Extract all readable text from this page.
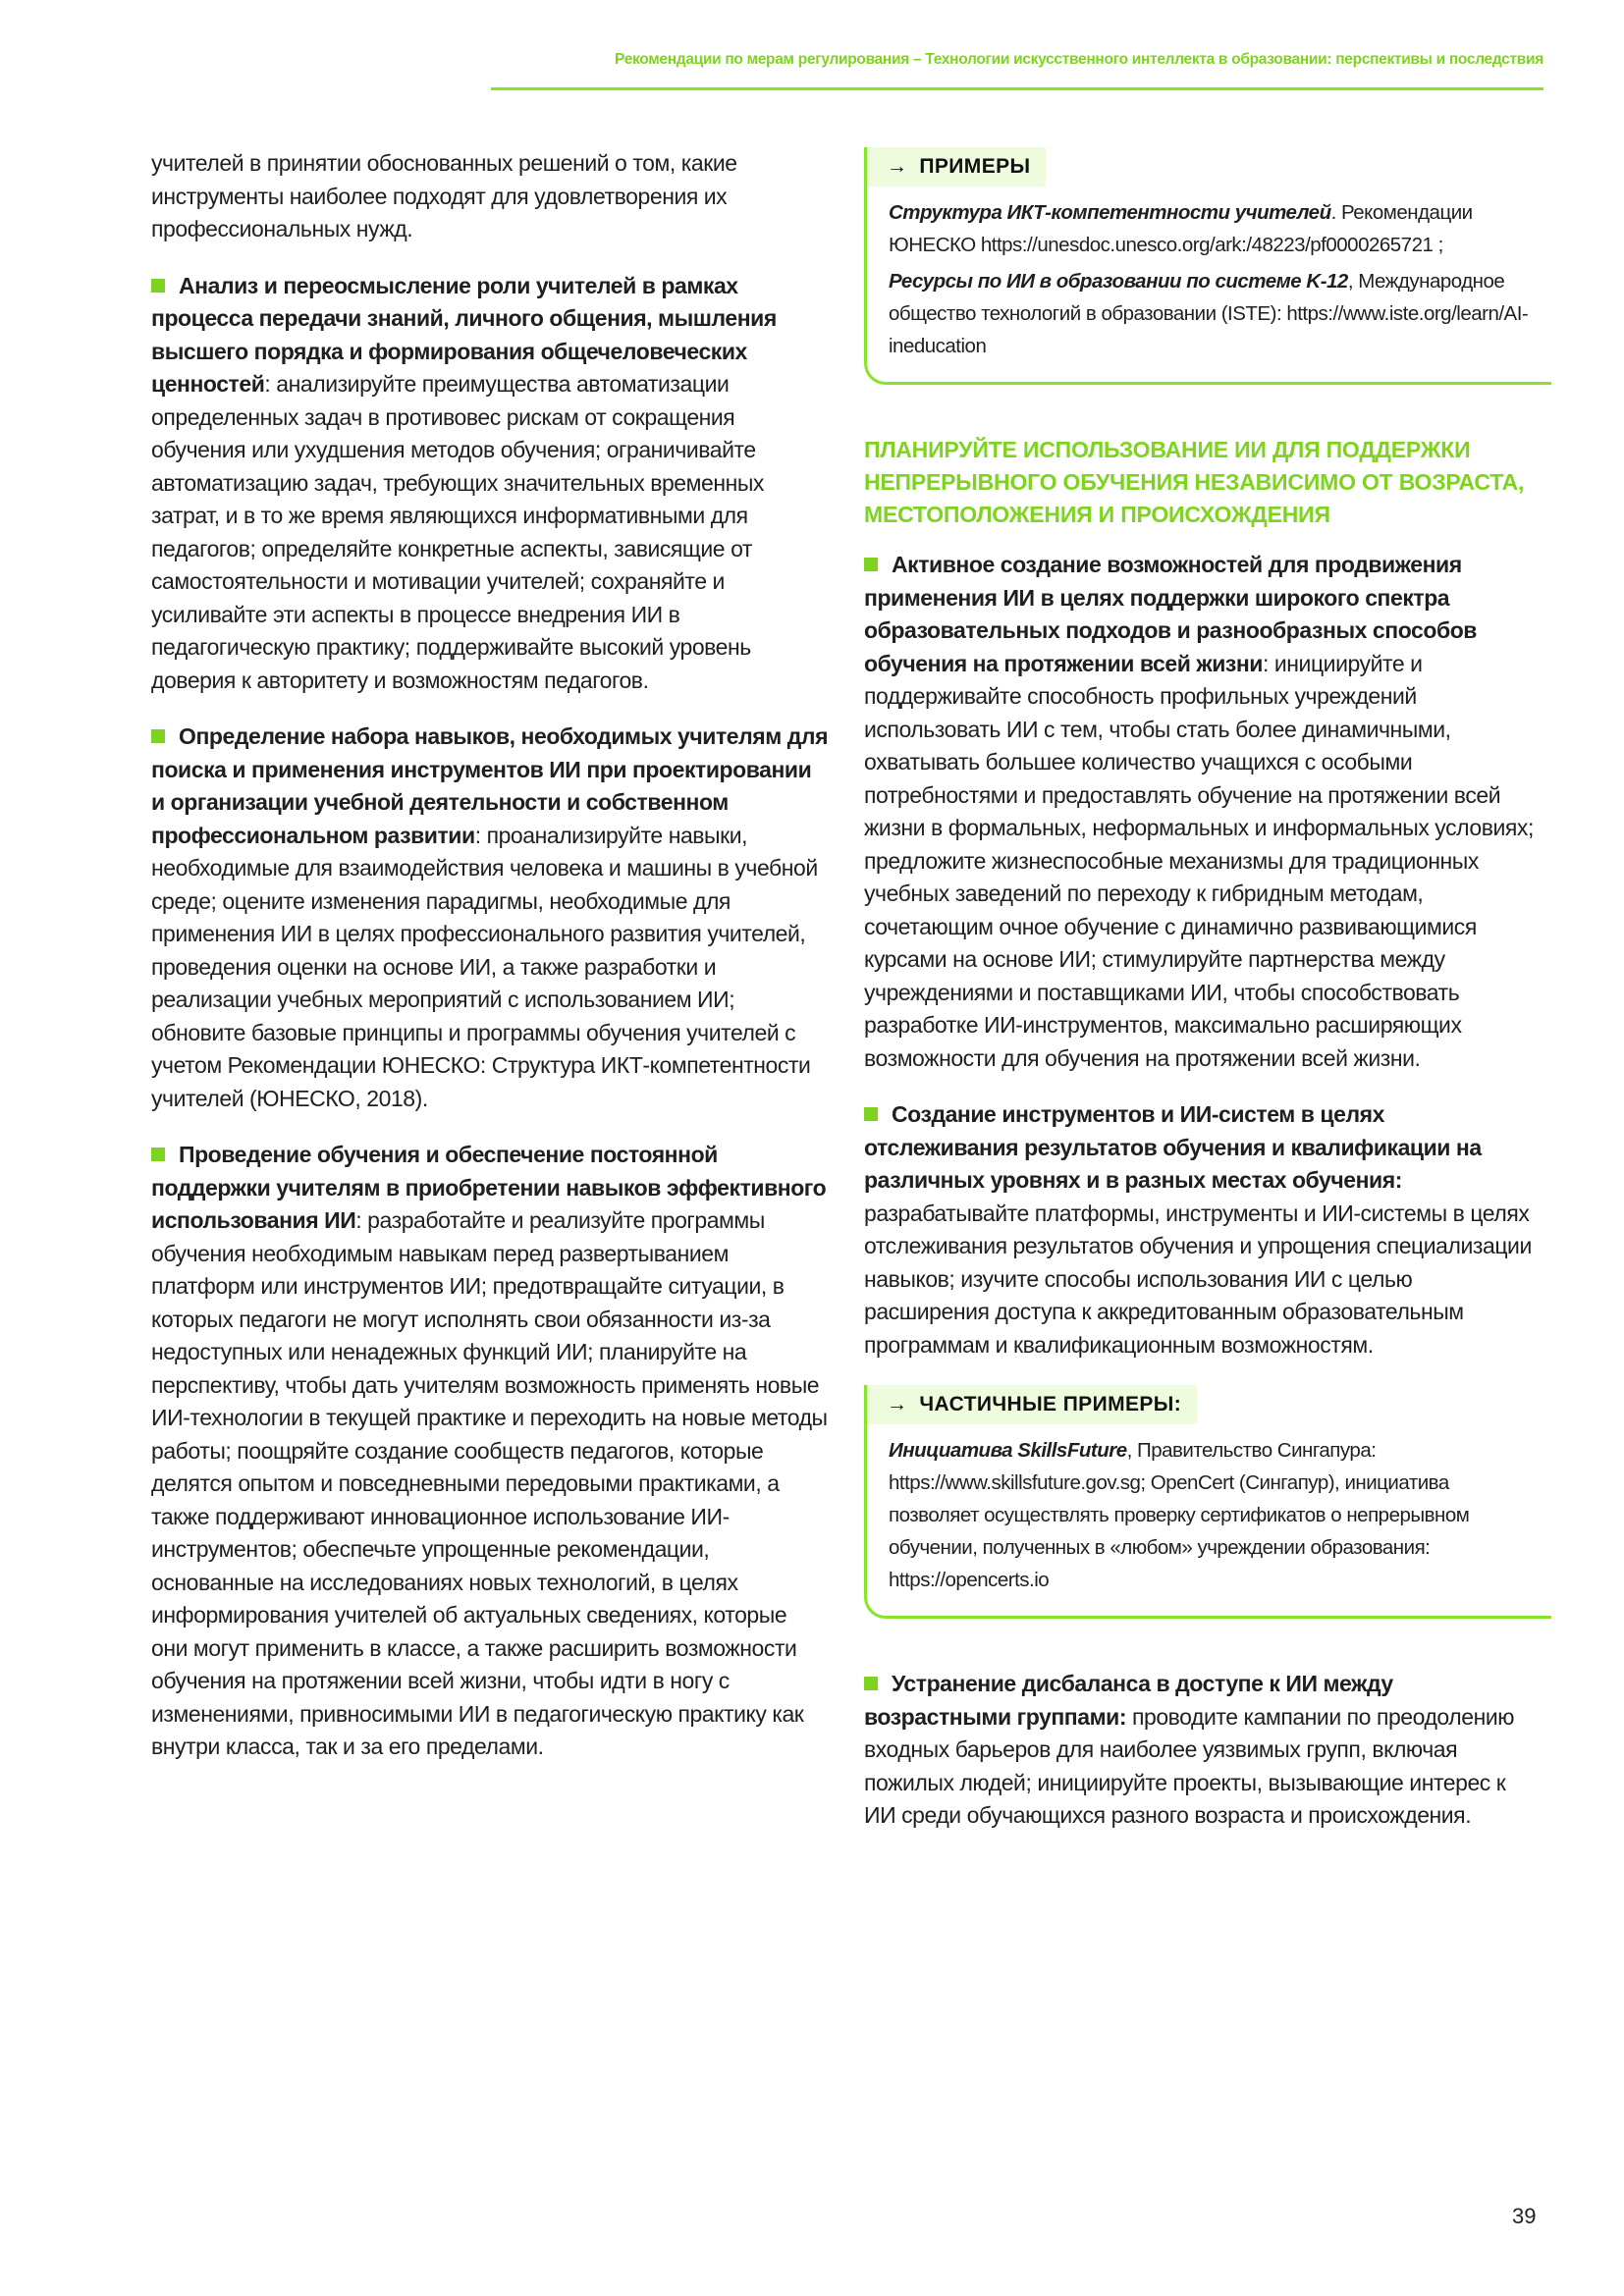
Рекомендации по мерам регулирования – Технологии искусственного интеллекта в образовании: перспективы и последствия

учителей в принятии обоснованных решений о том, какие инструменты наиболее подходят для удовлетворения их профессиональных нужд.

Анализ и переосмысление роли учителей в рамках процесса передачи знаний, личного общения, мышления высшего порядка и формирования общечеловеческих ценностей: анализируйте преимущества автоматизации определенных задач в противовес рискам от сокращения обучения или ухудшения методов обучения; ограничивайте автоматизацию задач, требующих значительных временных затрат, и в то же время являющихся информативными для педагогов; определяйте конкретные аспекты, зависящие от самостоятельности и мотивации учителей; сохраняйте и усиливайте эти аспекты в процессе внедрения ИИ в педагогическую практику; поддерживайте высокий уровень доверия к авторитету и возможностям педагогов.

Определение набора навыков, необходимых учителям для поиска и применения инструментов ИИ при проектировании и организации учебной деятельности и собственном профессиональном развитии: проанализируйте навыки, необходимые для взаимодействия человека и машины в учебной среде; оцените изменения парадигмы, необходимые для применения ИИ в целях профессионального развития учителей, проведения оценки на основе ИИ, а также разработки и реализации учебных мероприятий с использованием ИИ; обновите базовые принципы и программы обучения учителей с учетом Рекомендации ЮНЕСКО: Структура ИКТ-компетентности учителей (ЮНЕСКО, 2018).

Проведение обучения и обеспечение постоянной поддержки учителям в приобретении навыков эффективного использования ИИ: разработайте и реализуйте программы обучения необходимым навыкам перед развертыванием платформ или инструментов ИИ; предотвращайте ситуации, в которых педагоги не могут исполнять свои обязанности из-за недоступных или ненадежных функций ИИ; планируйте на перспективу, чтобы дать учителям возможность применять новые ИИ-технологии в текущей практике и переходить на новые методы работы; поощряйте создание сообществ педагогов, которые делятся опытом и повседневными передовыми практиками, а также поддерживают инновационное использование ИИ-инструментов; обеспечьте упрощенные рекомендации, основанные на исследованиях новых технологий, в целях информирования учителей об актуальных сведениях, которые они могут применить в классе, а также расширить возможности обучения на протяжении всей жизни, чтобы идти в ногу с изменениями, привносимыми ИИ в педагогическую практику как внутри класса, так и за его пределами.

→ ПРИМЕРЫ

Структура ИКТ-компетентности учителей. Рекомендации ЮНЕСКО https://unesdoc.unesco.org/ark:/48223/pf0000265721 ;

Ресурсы по ИИ в образовании по системе K-12, Международное общество технологий в образовании (ISTE): https://www.iste.org/learn/AI-ineducation

ПЛАНИРУЙТЕ ИСПОЛЬЗОВАНИЕ ИИ ДЛЯ ПОДДЕРЖКИ НЕПРЕРЫВНОГО ОБУЧЕНИЯ НЕЗАВИСИМО ОТ ВОЗРАСТА, МЕСТОПОЛОЖЕНИЯ И ПРОИСХОЖДЕНИЯ

Активное создание возможностей для продвижения применения ИИ в целях поддержки широкого спектра образовательных подходов и разнообразных способов обучения на протяжении всей жизни: инициируйте и поддерживайте способность профильных учреждений использовать ИИ с тем, чтобы стать более динамичными, охватывать большее количество учащихся с особыми потребностями и предоставлять обучение на протяжении всей жизни в формальных, неформальных и информальных условиях; предложите жизнеспособные механизмы для традиционных учебных заведений по переходу к гибридным методам, сочетающим очное обучение с динамично развивающимися курсами на основе ИИ; стимулируйте партнерства между учреждениями и поставщиками ИИ, чтобы способствовать разработке ИИ-инструментов, максимально расширяющих возможности для обучения на протяжении всей жизни.

Создание инструментов и ИИ-систем в целях отслеживания результатов обучения и квалификации на различных уровнях и в разных местах обучения: разрабатывайте платформы, инструменты и ИИ-системы в целях отслеживания результатов обучения и упрощения специализации навыков; изучите способы использования ИИ с целью расширения доступа к аккредитованным образовательным программам и квалификационным возможностям.

→ ЧАСТИЧНЫЕ ПРИМЕРЫ:

Инициатива SkillsFuture, Правительство Сингапура: https://www.skillsfuture.gov.sg; OpenCert (Сингапур), инициатива позволяет осуществлять проверку сертификатов о непрерывном обучении, полученных в «любом» учреждении образования: https://opencerts.io

Устранение дисбаланса в доступе к ИИ между возрастными группами: проводите кампании по преодолению входных барьеров для наиболее уязвимых групп, включая пожилых людей; инициируйте проекты, вызывающие интерес к ИИ среди обучающихся разного возраста и происхождения.

39
